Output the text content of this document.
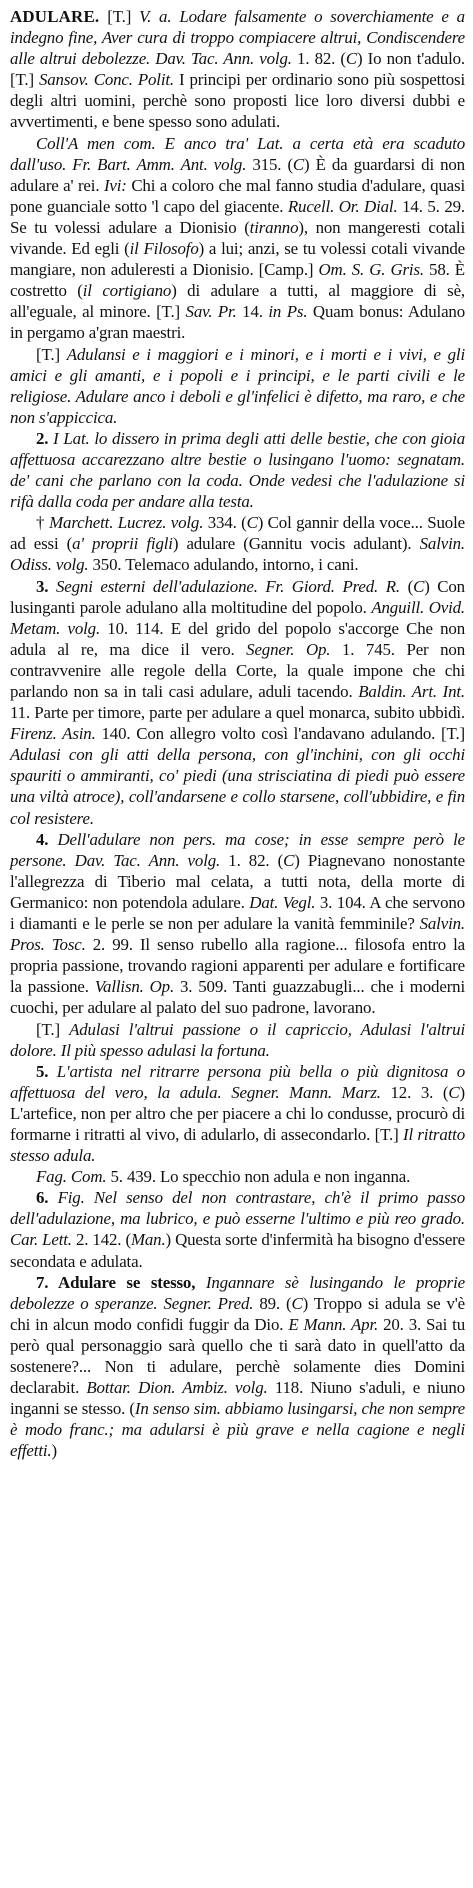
ADULARE. [T.] V. a. Lodare falsamente o soverchiamente e a indegno fine, Aver cura di troppo compiacere altrui, Condiscendere alle altrui debolezze. Dav. Tac. Ann. volg. 1. 82. (C) Io non t'adulo. [T.] Sansov. Conc. Polit. I principi per ordinario sono più sospettosi degli altri uomini, perchè sono proposti lice loro diversi dubbi e avvertimenti, e bene spesso sono adulati.

Coll'A men com. E anco tra' Lat. a certa età era scaduto dall'uso. Fr. Bart. Amm. Ant. volg. 315. (C) È da guardarsi di non adulare a' rei. Ivi: Chi a coloro che mal fanno studia d'adulare, quasi pone guanciale sotto 'l capo del giacente. Rucell. Or. Dial. 14. 5. 29. Se tu volessi adulare a Dionisio (tiranno), non mangeresti cotali vivande. Ed egli (il Filosofo) a lui; anzi, se tu volessi cotali vivande mangiare, non aduleresti a Dionisio. [Camp.] Om. S. G. Gris. 58. È costretto (il cortigiano) di adulare a tutti, al maggiore di sè, all'eguale, al minore. [T.] Sav. Pr. 14. in Ps. Quam bonus: Adulano in pergamo a'gran maestri.

[T.] Adulansi e i maggiori e i minori, e i morti e i vivi, e gli amici e gli amanti, e i popoli e i principi, e le parti civili e le religiose. Adulare anco i deboli e gl'infelici è difetto, ma raro, e che non s'appiccica.

2. I Lat. lo dissero in prima degli atti delle bestie, che con gioia affettuosa accarezzano altre bestie o lusingano l'uomo: segnatam. de' cani che parlano con la coda. Onde vedesi che l'adulazione si rifà dalla coda per andare alla testa.

† Marchett. Lucrez. volg. 334. (C) Col gannir della voce... Suole ad essi (a' proprii figli) adulare (Gannitu vocis adulant). Salvin. Odiss. volg. 350. Telemaco adulando, intorno, i cani.

3. Segni esterni dell'adulazione. Fr. Giord. Pred. R. (C) Con lusinganti parole adulano alla moltitudine del popolo. Anguill. Ovid. Metam. volg. 10. 114. E del grido del popolo s'accorge Che non adula al re, ma dice il vero. Segner. Op. 1. 745. Per non contravvenire alle regole della Corte, la quale impone che chi parlando non sa in tali casi adulare, aduli tacendo. Baldin. Art. Int. 11. Parte per timore, parte per adulare a quel monarca, subito ubbidì. Firenz. Asin. 140. Con allegro volto così l'andavano adulando. [T.] Adulasi con gli atti della persona, con gl'inchini, con gli occhi spauriti o ammiranti, co' piedi (una strisciatina di piedi può essere una viltà atroce), coll'andarsene e collo starsene, coll'ubbidire, e fin col resistere.

4. Dell'adulare non pers. ma cose; in esse sempre però le persone. Dav. Tac. Ann. volg. 1. 82. (C) Piagnevano nonostante l'allegrezza di Tiberio mal celata, a tutti nota, della morte di Germanico: non potendola adulare. Dat. Vegl. 3. 104. A che servono i diamanti e le perle se non per adulare la vanità femminile? Salvin. Pros. Tosc. 2. 99. Il senso rubello alla ragione... filosofa entro la propria passione, trovando ragioni apparenti per adulare e fortificare la passione. Vallisn. Op. 3. 509. Tanti guazzabugli... che i moderni cuochi, per adulare al palato del suo padrone, lavorano.

[T.] Adulasi l'altrui passione o il capriccio, Adulasi l'altrui dolore. Il più spesso adulasi la fortuna.

5. L'artista nel ritrarre persona più bella o più dignitosa o affettuosa del vero, la adula. Segner. Mann. Marz. 12. 3. (C) L'artefice, non per altro che per piacere a chi lo condusse, procurò di formarne i ritratti al vivo, di adularlo, di assecondarlo. [T.] Il ritratto stesso adula.

Fag. Com. 5. 439. Lo specchio non adula e non inganna.

6. Fig. Nel senso del non contrastare, ch'è il primo passo dell'adulazione, ma lubrico, e può esserne l'ultimo e più reo grado. Car. Lett. 2. 142. (Man.) Questa sorte d'infermità ha bisogno d'essere secondata e adulata.

7. Adulare se stesso, Ingannare sè lusingando le proprie debolezze o speranze. Segner. Pred. 89. (C) Troppo si adula se v'è chi in alcun modo confidi fuggir da Dio. E Mann. Apr. 20. 3. Sai tu però qual personaggio sarà quello che ti sarà dato in quell'atto da sostenere?... Non ti adulare, perchè solamente dies Domini declarabit. Bottar. Dion. Ambiz. volg. 118. Niuno s'aduli, e niuno inganni se stesso. (In senso sim. abbiamo lusingarsi, che non sempre è modo franc.; ma adularsi è più grave e nella cagione e negli effetti.)
